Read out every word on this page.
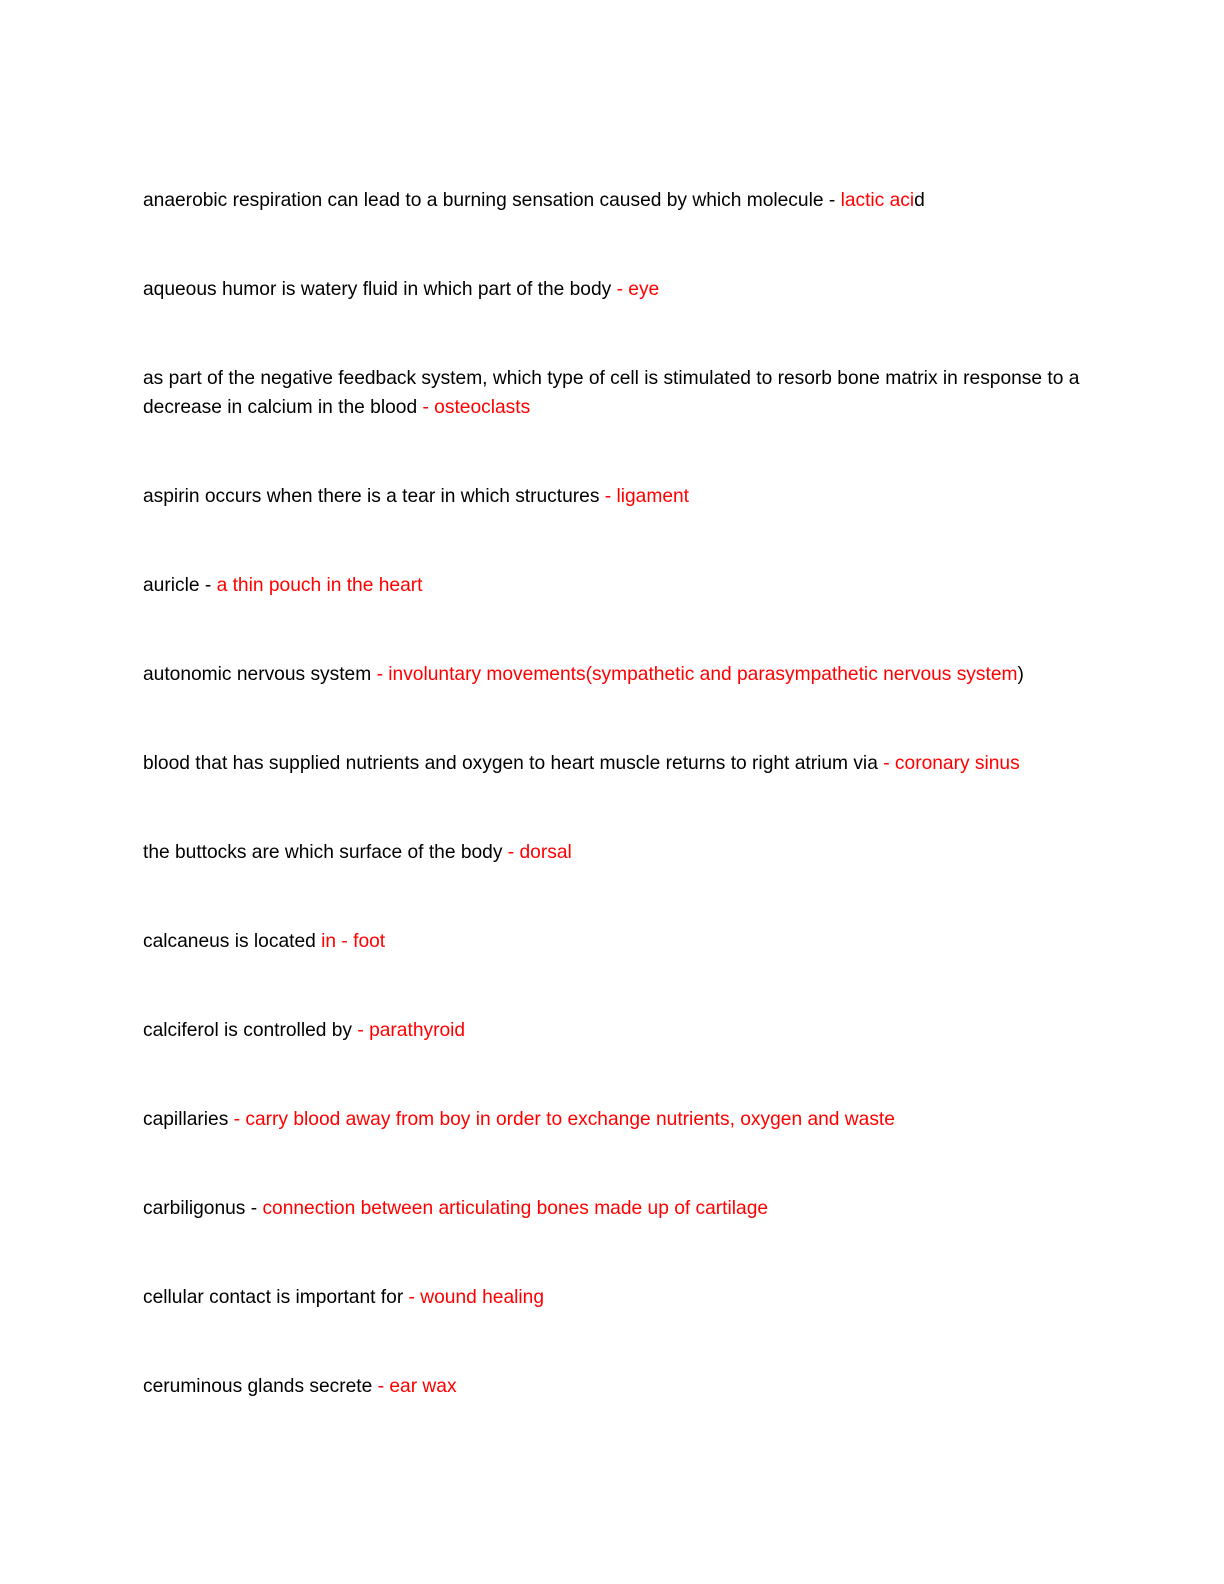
anaerobic respiration can lead to a burning sensation caused by which molecule - lactic acid

aqueous humor is watery fluid in which part of the body - eye

as part of the negative feedback system, which type of cell is stimulated to resorb bone matrix in response to a decrease in calcium in the blood - osteoclasts

aspirin occurs when there is a tear in which structures - ligament

auricle - a thin pouch in the heart

autonomic nervous system - involuntary movements(sympathetic and parasympathetic nervous system)

blood that has supplied nutrients and oxygen to heart muscle returns to right atrium via - coronary sinus

the buttocks are which surface of the body - dorsal

calcaneus is located in - foot

calciferol is controlled by - parathyroid

capillaries - carry blood away from boy in order to exchange nutrients, oxygen and waste

carbiligonus - connection between articulating bones made up of cartilage

cellular contact is important for - wound healing

ceruminous glands secrete - ear wax
